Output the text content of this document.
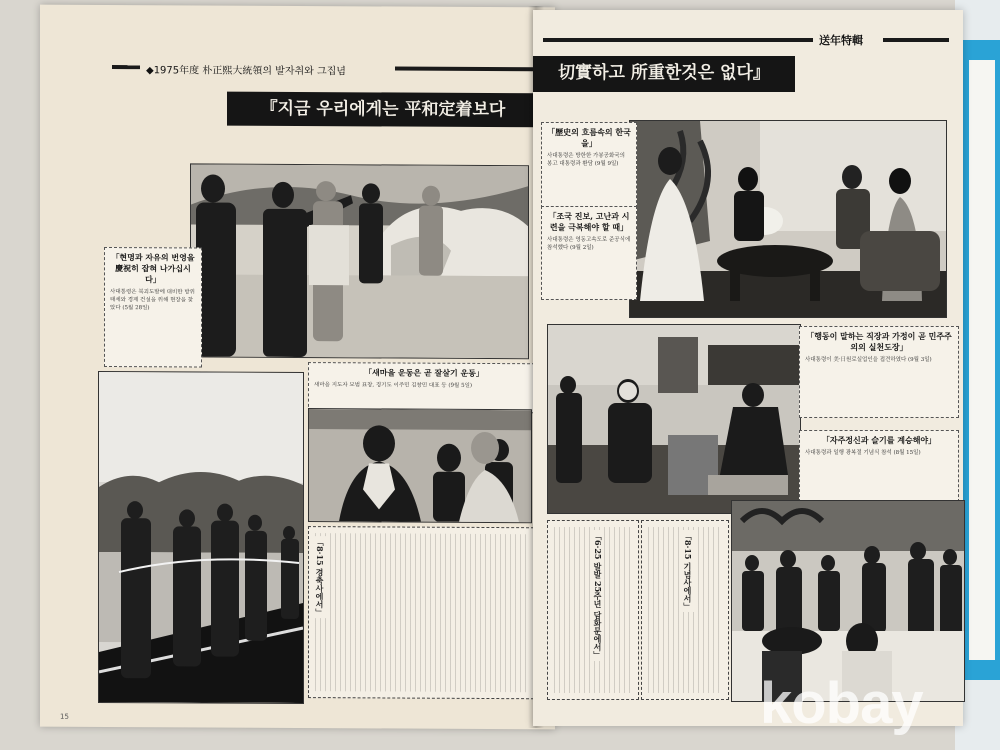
◆1975年度 朴正熙大統領의 발자취와 그집념
『지금 우리에게는 平和定着보다
「현명과 자유의 번영을 慶祝히 잡혀 나가십시다」
사대통령은 북괴도발에 대비한 방위태세와 경제 건설을 위해 현장을 찾았다 (5월 28일)
「새마을 운동은 곧 잘살기 운동」
새마을 지도자 모범 표창, 경기도 이주민 김창민 대표 등 (9월 5일)
「8·15 경축사에서」
15
送年特輯
切實하고 所重한것은 없다』
「歷史의 흐름속의 한국을」
사대통령은 방한한 가봉공화국의 봉고 대통령과 환담 (9월 9일)
「조국 진보, 고난과 시련을 극복해야 할 때」
사대통령은 영동고속도로 준공식에 참석했다 (9월 2일)
「행동이 말하는 직장과 가정이 곧 민주주의의 실천도장」
사대통령이 美·日원로실업인을 접견하였다 (9월 3일)
「자주정신과 슬기를 계승해야」
사대통령과 일행 광복절 기념식 참석 (8월 15일)
「6·25 발발 25주년 담화문에서」	「8·15 기념사에서」
kobay
